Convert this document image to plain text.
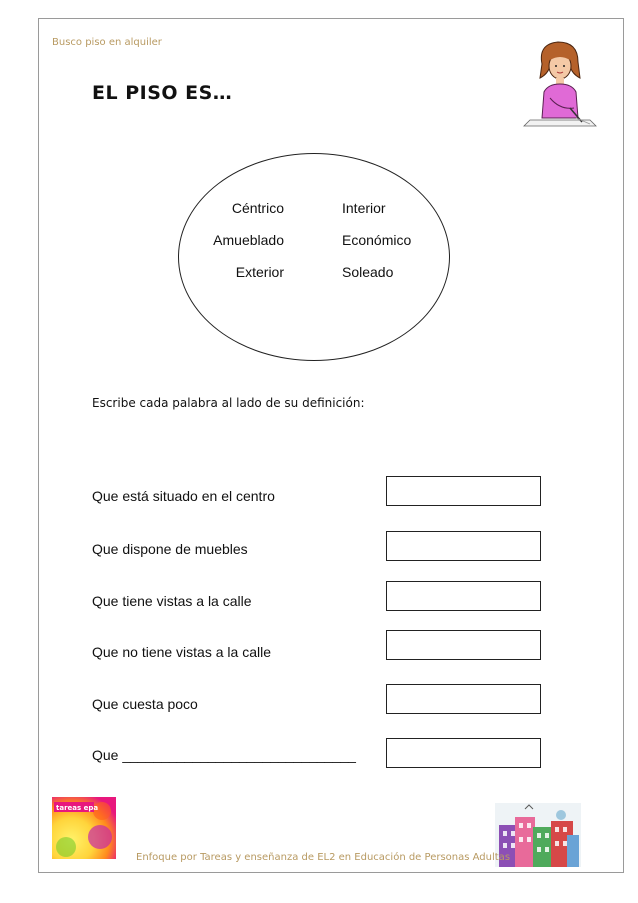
Busco piso en alquiler
EL PISO ES…
Céntrico
Amueblado
Exterior
Interior
Económico
Soleado
Escribe cada palabra al lado de su definición:
Que está situado en el centro
Que dispone de muebles
Que tiene vistas a la calle
Que no tiene vistas a la calle
Que cuesta poco
Que ______________________________
tareas epa
Enfoque por Tareas y enseñanza de EL2 en Educación de Personas Adultas
